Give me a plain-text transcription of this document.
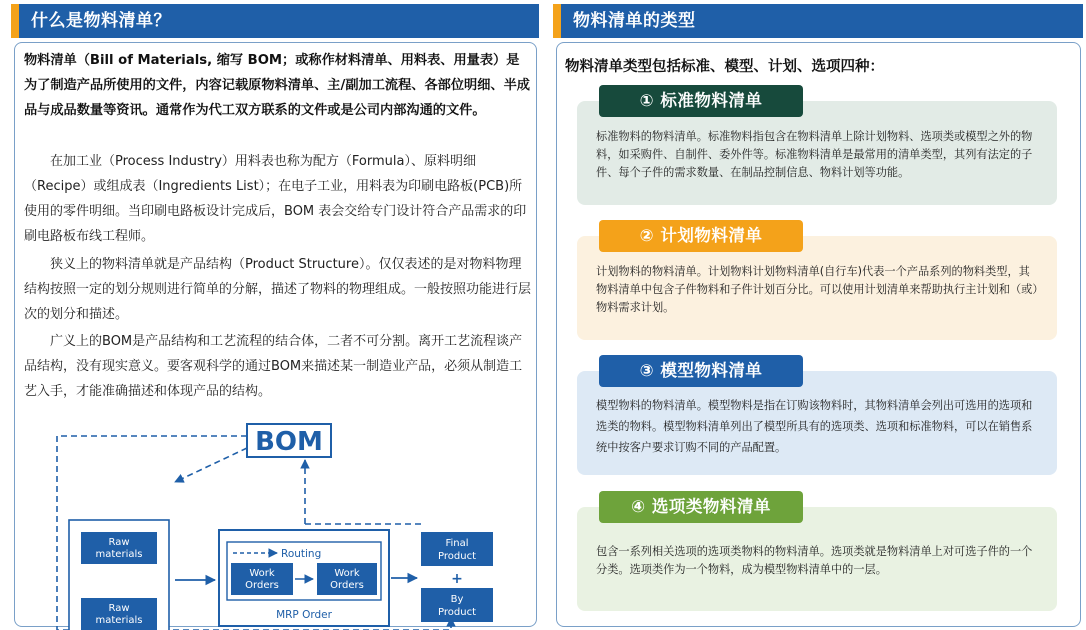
什么是物料清单？

物料清单（Bill of Materials, 缩写 BOM；或称作材料清单、用料表、用量表）是为了制造产品所使用的文件，内容记载原物料清单、主/副加工流程、各部位明细、半成品与成品数量等资讯。通常作为代工双方联系的文件或是公司内部沟通的文件。

在加工业（Process Industry）用料表也称为配方（Formula）、原料明细（Recipe）或组成表（Ingredients List）；在电子工业，用料表为印刷电路板(PCB)所使用的零件明细。当印刷电路板设计完成后，BOM 表会交给专门设计符合产品需求的印刷电路板布线工程师。

狭义上的物料清单就是产品结构（Product Structure）。仅仅表述的是对物料物理结构按照一定的划分规则进行简单的分解，描述了物料的物理组成。一般按照功能进行层次的划分和描述。

广义上的BOM是产品结构和工艺流程的结合体，二者不可分割。离开工艺流程谈产品结构，没有现实意义。要客观科学的通过BOM来描述某一制造业产品，必须从制造工艺入手，才能准确描述和体现产品的结构。

BOM
Raw
materials
Raw
materials
Routing
Work
Orders
Work
Orders
MRP Order
Final
Product
+
By
Product
物料清单的类型

物料清单类型包括标准、模型、计划、选项四种：

① 标准物料清单

标准物料的物料清单。标准物料指包含在物料清单上除计划物料、选项类或模型之外的物料，如采购件、自制件、委外件等。标准物料清单是最常用的清单类型，其列有法定的子件、每个子件的需求数量、在制品控制信息、物料计划等功能。

② 计划物料清单

计划物料的物料清单。计划物料计划物料清单(自行车)代表一个产品系列的物料类型，其物料清单中包含子件物料和子件计划百分比。可以使用计划清单来帮助执行主计划和（或）物料需求计划。

③ 模型物料清单

模型物料的物料清单。模型物料是指在订购该物料时，其物料清单会列出可选用的选项和选类的物料。模型物料清单列出了模型所具有的选项类、选项和标准物料，可以在销售系统中按客户要求订购不同的产品配置。

④ 选项类物料清单

包含一系列相关选项的选项类物料的物料清单。选项类就是物料清单上对可选子件的一个分类。选项类作为一个物料，成为模型物料清单中的一层。
